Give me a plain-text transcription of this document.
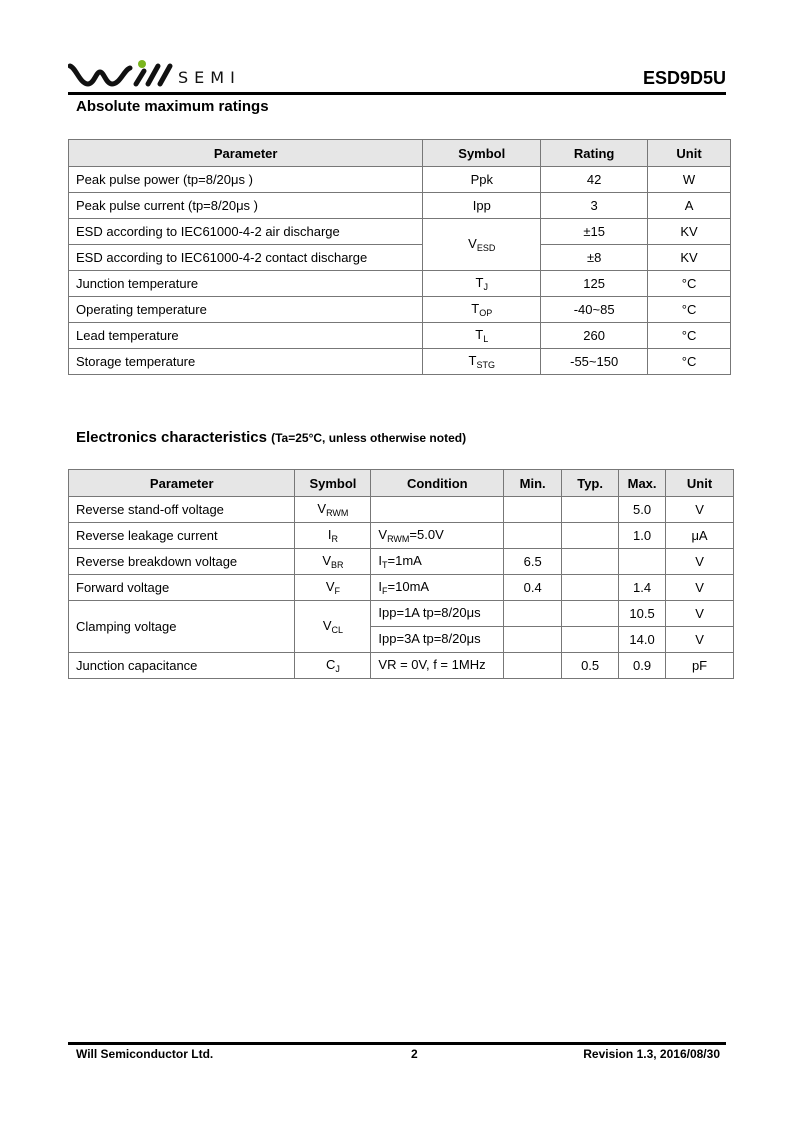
SEMI	ESD9D5U
Absolute maximum ratings
Parameter	Symbol	Rating	Unit
Peak pulse power (tp=8/20μs )	Ppk	42	W
Peak pulse current (tp=8/20μs )	Ipp	3	A
ESD according to IEC61000-4-2 air discharge	$V_{ESD}$	±15	KV
ESD according to IEC61000-4-2 contact discharge		±8	KV
Junction temperature	$T_J$	125	°C
Operating temperature	$T_{OP}$	-40~85	°C
Lead temperature	$T_L$	260	°C
Storage temperature	$T_{STG}$	-55~150	°C
Electronics characteristics (Ta=25°C, unless otherwise noted)
Parameter	Symbol	Condition	Min.	Typ.	Max.	Unit
Reverse stand-off voltage	$V_{RWM}$				5.0	V
Reverse leakage current	$I_R$	$V_{RWM}=5.0V$			1.0	μA
Reverse breakdown voltage	$V_{BR}$	$I_T=1mA$	6.5			V
Forward voltage	$V_F$	$I_F=10mA$	0.4		1.4	V
Clamping voltage	$V_{CL}$	Ipp=1A tp=8/20μs			10.5	V
		Ipp=3A tp=8/20μs			14.0	V
Junction capacitance	$C_J$	VR = 0V, f = 1MHz		0.5	0.9	pF
Will Semiconductor Ltd.	2	Revision 1.3, 2016/08/30
